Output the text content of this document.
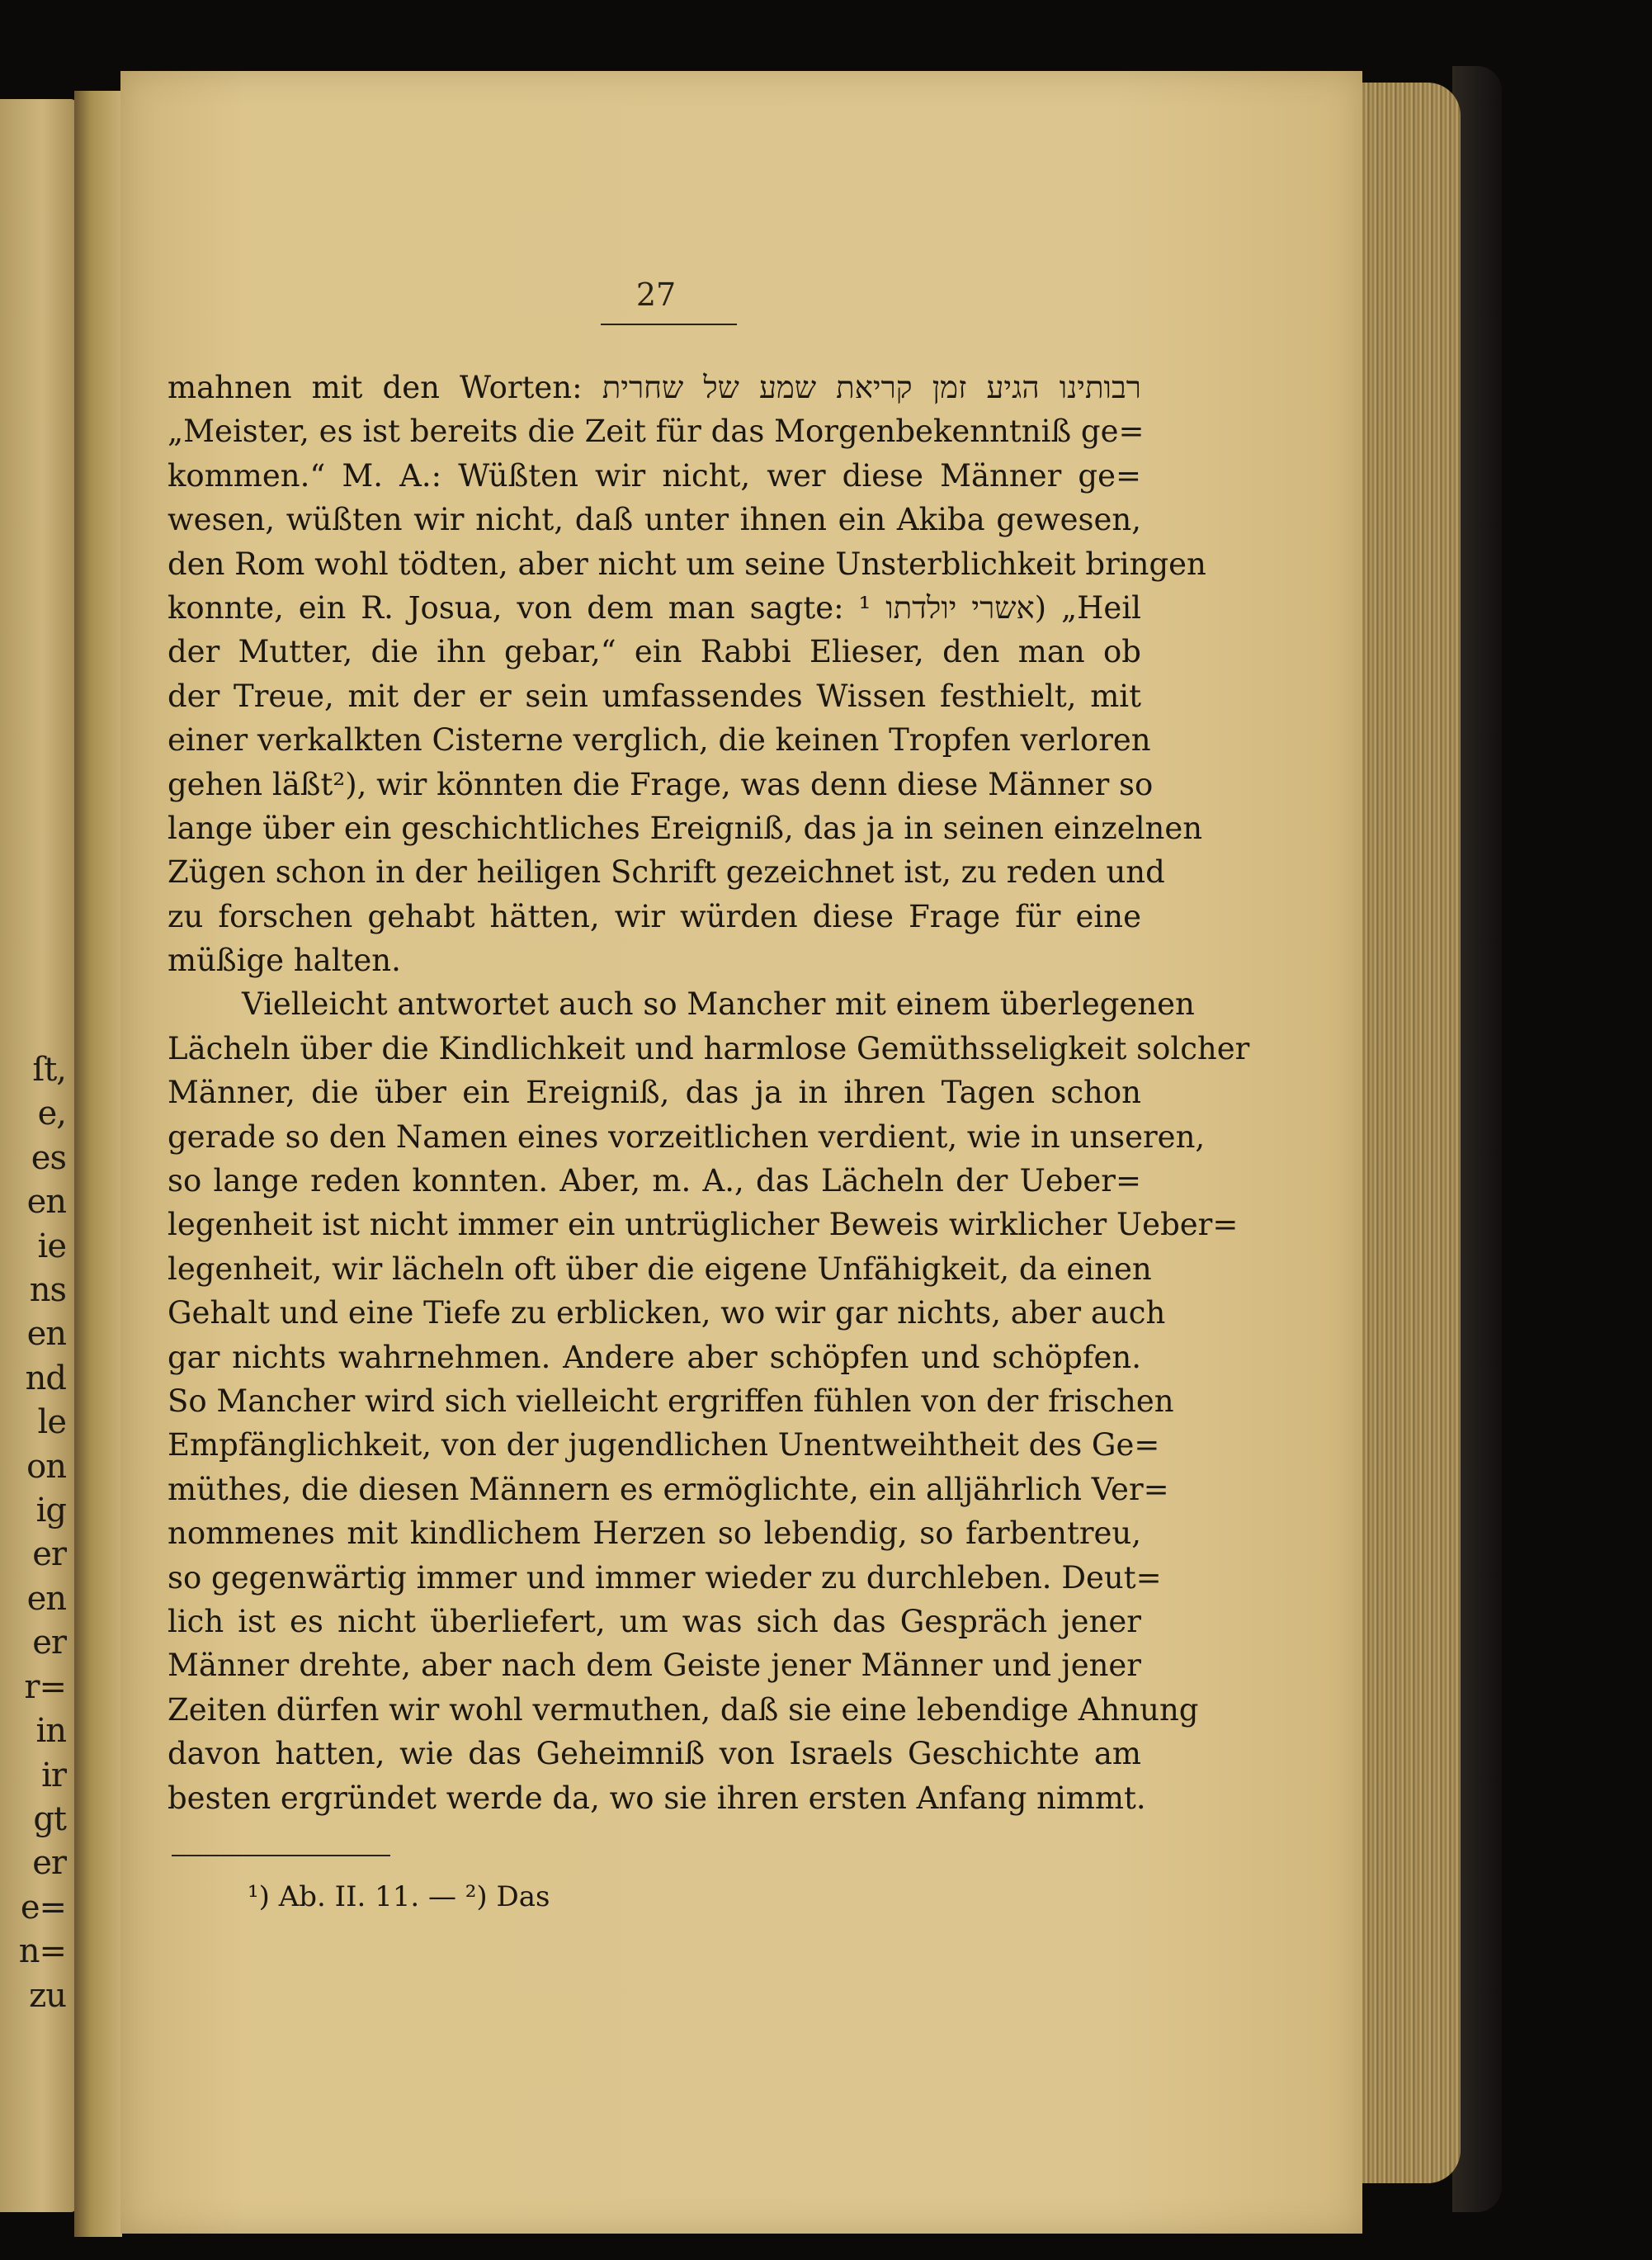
ſt,
e,
es
en
ie
ns
en
nd
le
on
ig
er
en
er
r=
in
ir
gt
er
e=
n=
zu
27
mahnen mit den Worten: רבותינו הגיע זמן קריאת שמע של שחרית
„Meister, es ist bereits die Zeit für das Morgenbekenntniß ge=
kommen.“ M. A.: Wüßten wir nicht, wer diese Männer ge=
wesen, wüßten wir nicht, daß unter ihnen ein Akiba gewesen,
den Rom wohl tödten, aber nicht um seine Unsterblichkeit bringen
konnte, ein R. Josua, von dem man sagte: אשרי יולדתו ¹) „Heil
der Mutter, die ihn gebar,“ ein Rabbi Elieser, den man ob
der Treue, mit der er sein umfassendes Wissen festhielt, mit
einer verkalkten Cisterne verglich, die keinen Tropfen verloren
gehen läßt²), wir könnten die Frage, was denn diese Männer so
lange über ein geschichtliches Ereigniß, das ja in seinen einzelnen
Zügen schon in der heiligen Schrift gezeichnet ist, zu reden und
zu forschen gehabt hätten, wir würden diese Frage für eine
müßige halten.
Vielleicht antwortet auch so Mancher mit einem überlegenen
Lächeln über die Kindlichkeit und harmlose Gemüthsseligkeit solcher
Männer, die über ein Ereigniß, das ja in ihren Tagen schon
gerade so den Namen eines vorzeitlichen verdient, wie in unseren,
so lange reden konnten. Aber, m. A., das Lächeln der Ueber=
legenheit ist nicht immer ein untrüglicher Beweis wirklicher Ueber=
legenheit, wir lächeln oft über die eigene Unfähigkeit, da einen
Gehalt und eine Tiefe zu erblicken, wo wir gar nichts, aber auch
gar nichts wahrnehmen. Andere aber schöpfen und schöpfen.
So Mancher wird sich vielleicht ergriffen fühlen von der frischen
Empfänglichkeit, von der jugendlichen Unentweihtheit des Ge=
müthes, die diesen Männern es ermöglichte, ein alljährlich Ver=
nommenes mit kindlichem Herzen so lebendig, so farbentreu,
so gegenwärtig immer und immer wieder zu durchleben. Deut=
lich ist es nicht überliefert, um was sich das Gespräch jener
Männer drehte, aber nach dem Geiste jener Männer und jener
Zeiten dürfen wir wohl vermuthen, daß sie eine lebendige Ahnung
davon hatten, wie das Geheimniß von Israels Geschichte am
besten ergründet werde da, wo sie ihren ersten Anfang nimmt.
¹) Ab. II. 11. — ²) Das
